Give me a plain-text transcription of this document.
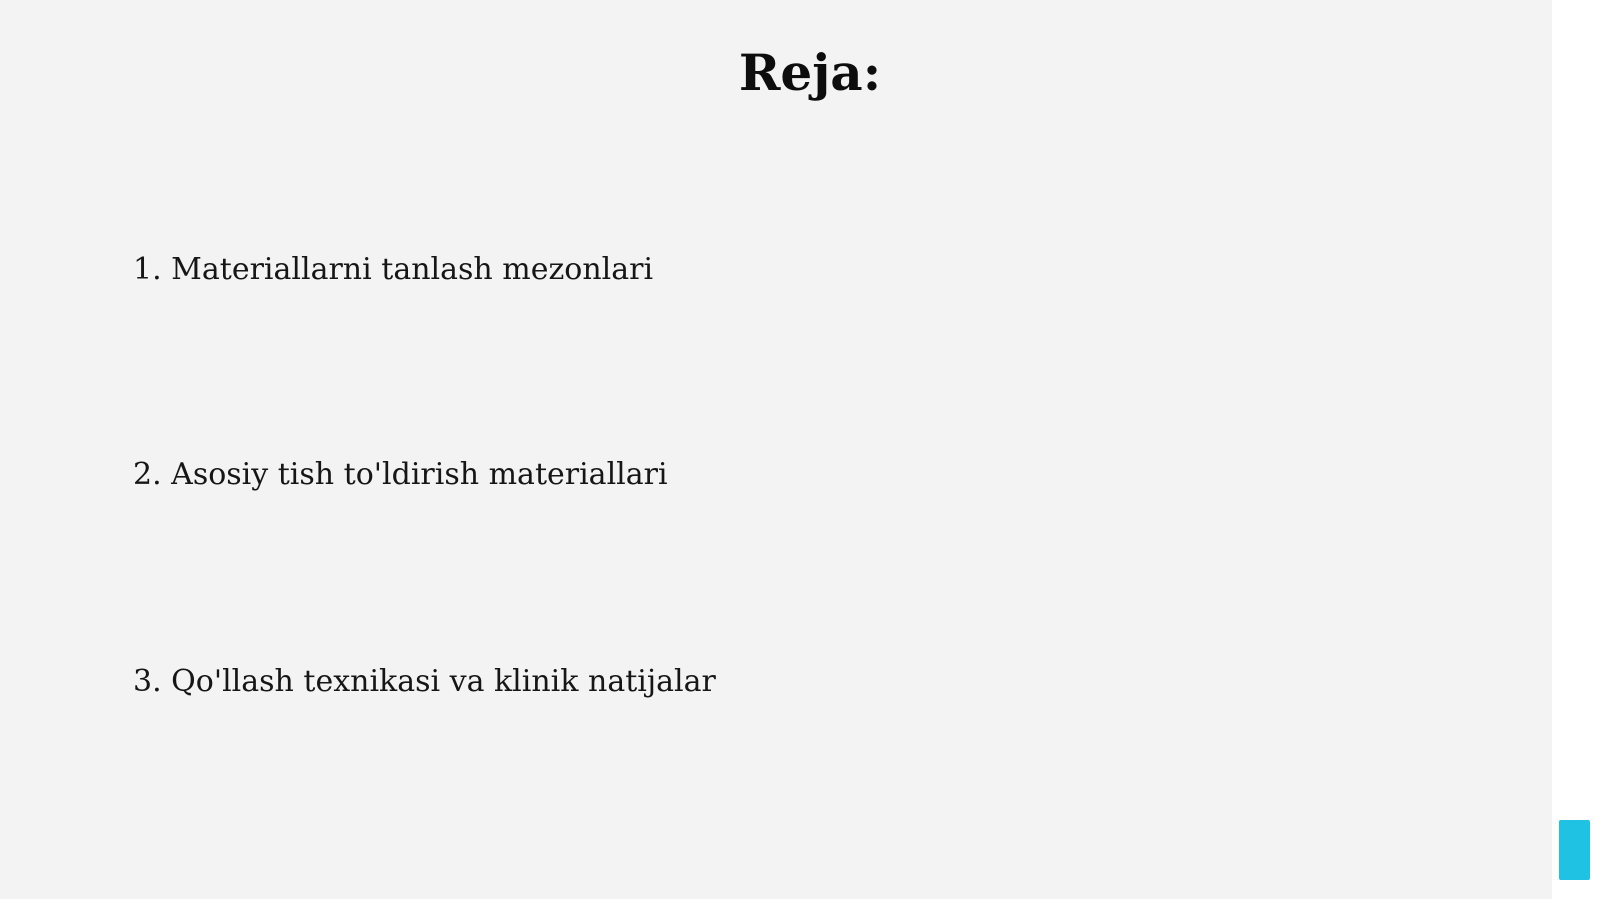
Reja:
1. Materiallarni tanlash mezonlari
2. Asosiy tish to'ldirish materiallari
3. Qo'llash texnikasi va klinik natijalar
